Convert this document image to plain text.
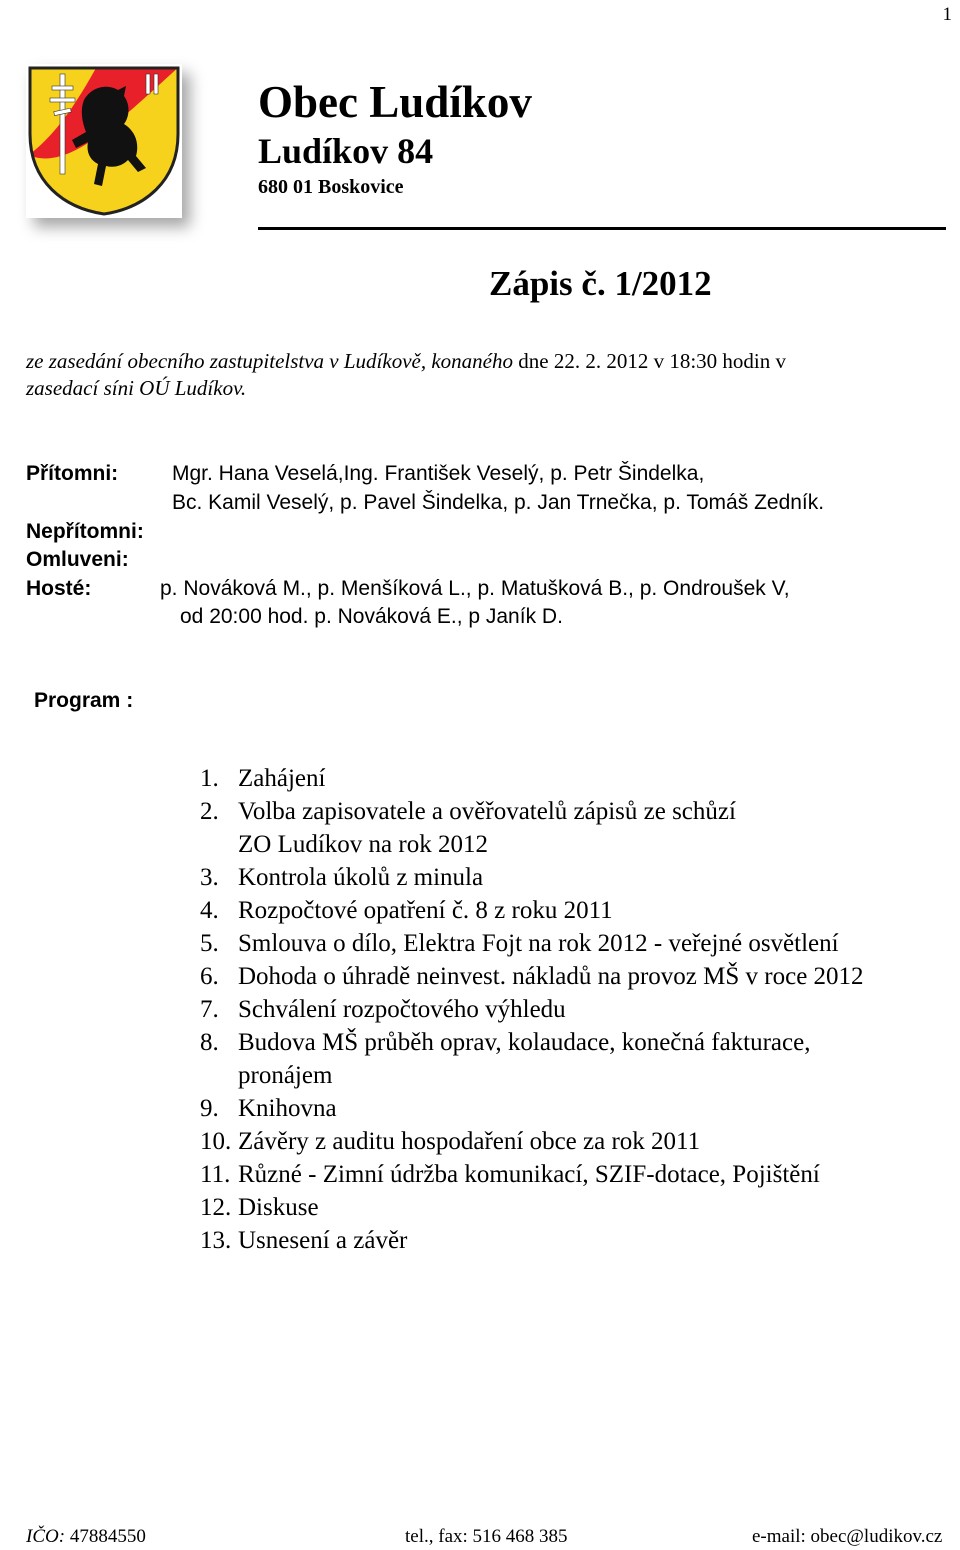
1
Obec Ludíkov
Ludíkov 84
680 01 Boskovice
Zápis č. 1/2012
ze zasedání obecního zastupitelstva v Ludíkově, konaného dne 22. 2. 2012 v 18:30 hodin v
zasedací síni OÚ Ludíkov.
Přítomni:	Mgr. Hana Veselá,Ing. František Veselý, p. Petr Šindelka,
Bc. Kamil Veselý, p. Pavel Šindelka, p. Jan Trnečka, p. Tomáš Zedník.
Nepřítomni:
Omluveni:
Hosté:	p. Nováková M., p. Menšíková L., p. Matušková B., p. Ondroušek V,
od 20:00 hod. p. Nováková E., p Janík D.
Program :
1. Zahájení
2. Volba zapisovatele a ověřovatelů zápisů ze schůzí
ZO Ludíkov na rok 2012
3. Kontrola úkolů z minula
4. Rozpočtové opatření č. 8 z roku 2011
5. Smlouva o dílo, Elektra Fojt na rok 2012 - veřejné osvětlení
6. Dohoda o úhradě neinvest. nákladů na provoz MŠ v roce 2012
7. Schválení rozpočtového výhledu
8. Budova MŠ průběh oprav, kolaudace, konečná fakturace,
pronájem
9. Knihovna
10. Závěry z auditu hospodaření obce za rok 2011
11. Různé - Zimní údržba komunikací, SZIF-dotace, Pojištění
12. Diskuse
13. Usnesení a závěr
IČO: 47884550	tel., fax: 516 468 385	e-mail: obec@ludikov.cz
